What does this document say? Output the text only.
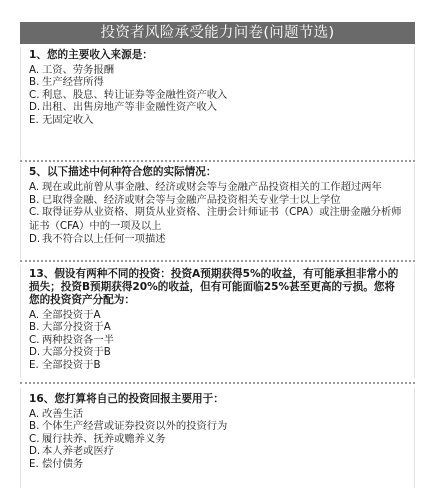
投资者风险承受能力问卷(问题节选)
1、您的主要收入来源是：
A. 工资、劳务报酬
B. 生产经营所得
C. 利息、股息、转让证券等金融性资产收入
D. 出租、出售房地产等非金融性资产收入
E. 无固定收入
5、以下描述中何种符合您的实际情况：
A. 现在或此前曾从事金融、经济或财会等与金融产品投资相关的工作超过两年
B. 已取得金融、经济或财会等与金融产品投资相关专业学士以上学位
C. 取得证券从业资格、期货从业资格、注册会计师证书（CPA）或注册金融分析师证书（CFA）中的一项及以上
D. 我不符合以上任何一项描述
13、假设有两种不同的投资：投资A预期获得5%的收益，有可能承担非常小的损失；投资B预期获得20%的收益，但有可能面临25%甚至更高的亏损。您将您的投资资产分配为：
A. 全部投资于A
B. 大部分投资于A
C. 两种投资各一半
D. 大部分投资于B
E. 全部投资于B
16、您打算将自己的投资回报主要用于：
A. 改善生活
B. 个体生产经营或证券投资以外的投资行为
C. 履行扶养、抚养或赡养义务
D. 本人养老或医疗
E. 偿付债务
